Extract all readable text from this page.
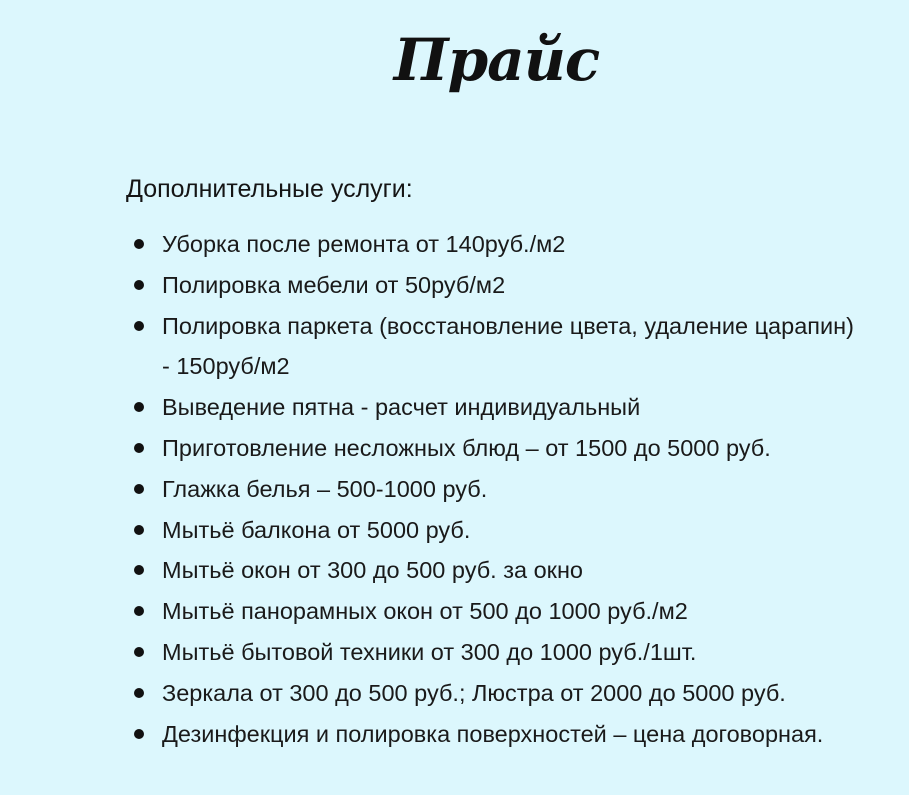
Прайс
Дополнительные услуги:
Уборка после ремонта от 140руб./м2
Полировка мебели от 50руб/м2
Полировка паркета (восстановление цвета, удаление царапин) - 150руб/м2
Выведение пятна - расчет индивидуальный
Приготовление несложных блюд – от 1500 до 5000 руб.
Глажка белья – 500-1000 руб.
Мытьё балкона от 5000 руб.
Мытьё окон от 300 до 500 руб. за окно
Мытьё панорамных окон от 500 до 1000 руб./м2
Мытьё бытовой техники от 300 до 1000 руб./1шт.
Зеркала от 300 до 500 руб.; Люстра от 2000 до 5000 руб.
Дезинфекция и полировка поверхностей – цена договорная.
